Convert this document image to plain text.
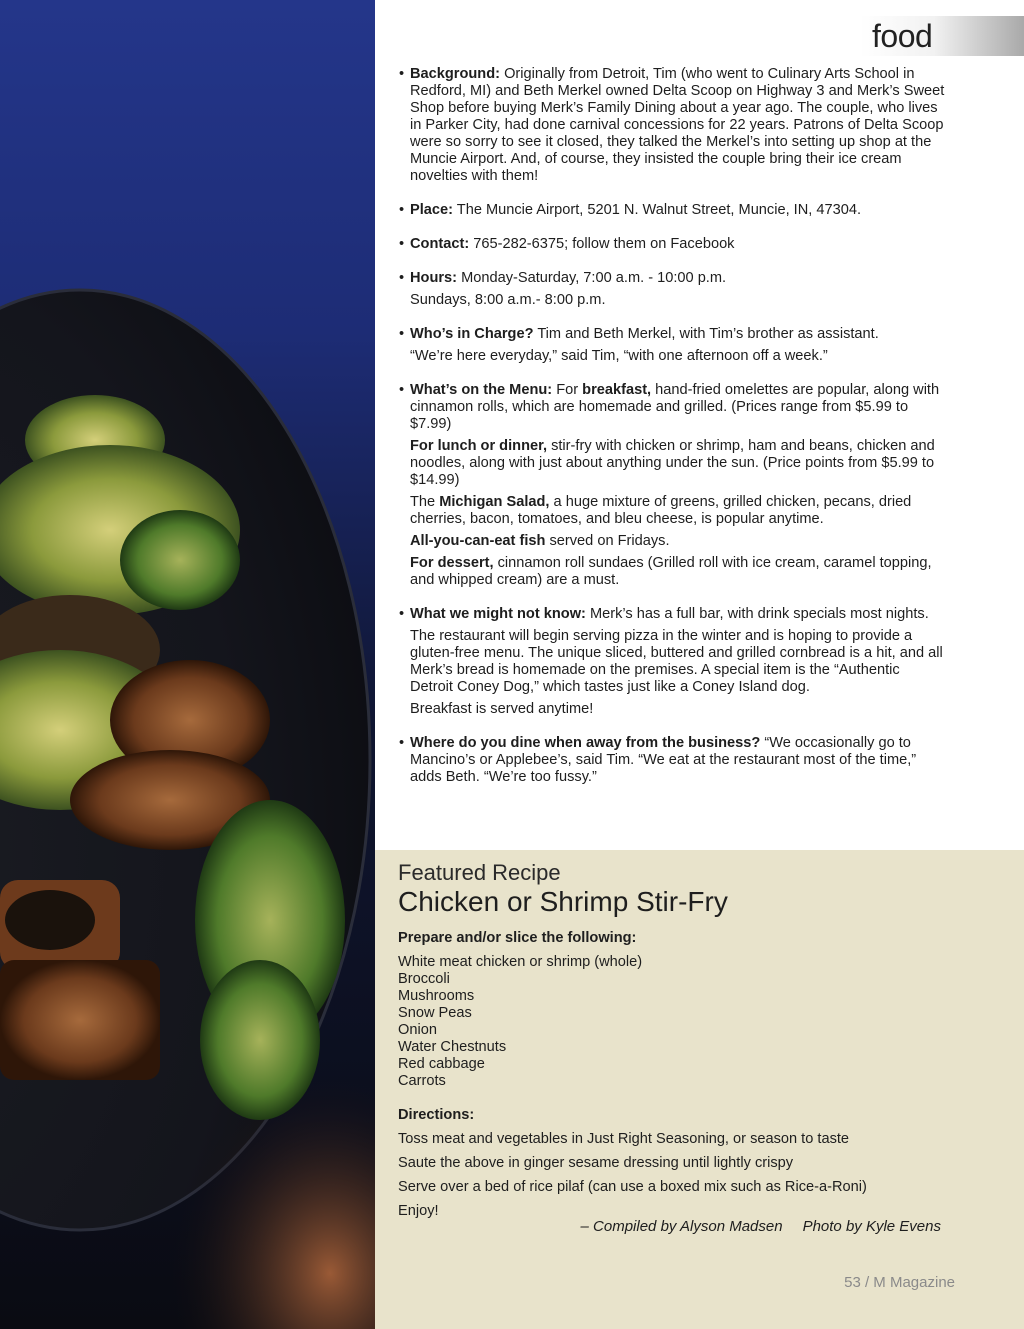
food
• Background: Originally from Detroit, Tim (who went to Culinary Arts School in Redford, MI) and Beth Merkel owned Delta Scoop on Highway 3 and Merk’s Sweet Shop before buying Merk’s Family Dining about a year ago. The couple, who lives in Parker City, had done carnival concessions for 22 years. Patrons of Delta Scoop were so sorry to see it closed, they talked the Merkel’s into setting up shop at the Muncie Airport. And, of course, they insisted the couple bring their ice cream novelties with them!

• Place: The Muncie Airport, 5201 N. Walnut Street, Muncie, IN, 47304.

• Contact: 765-282-6375; follow them on Facebook

• Hours: Monday-Saturday, 7:00 a.m. - 10:00 p.m.

Sundays, 8:00 a.m.- 8:00 p.m.

• Who’s in Charge? Tim and Beth Merkel, with Tim’s brother as assistant.

“We’re here everyday,” said Tim, “with one afternoon off a week.”

• What’s on the Menu: For breakfast, hand-fried omelettes are popular, along with cinnamon rolls, which are homemade and grilled. (Prices range from $5.99 to $7.99)

For lunch or dinner, stir-fry with chicken or shrimp, ham and beans, chicken and noodles, along with just about anything under the sun. (Price points from $5.99 to $14.99)

The Michigan Salad, a huge mixture of greens, grilled chicken, pecans, dried cherries, bacon, tomatoes, and bleu cheese, is popular anytime.

All-you-can-eat fish served on Fridays.

For dessert, cinnamon roll sundaes (Grilled roll with ice cream, caramel topping, and whipped cream) are a must.

• What we might not know: Merk’s has a full bar, with drink specials most nights.

The restaurant will begin serving pizza in the winter and is hoping to provide a gluten-free menu. The unique sliced, buttered and grilled cornbread is a hit, and all Merk’s bread is homemade on the premises. A special item is the “Authentic Detroit Coney Dog,” which tastes just like a Coney Island dog.

Breakfast is served anytime!

• Where do you dine when away from the business? “We occasionally go to Mancino’s or Applebee’s, said Tim. “We eat at the restaurant most of the time,” adds Beth. “We’re too fussy.”

Featured Recipe
Chicken or Shrimp Stir-Fry
Prepare and/or slice the following:
White meat chicken or shrimp (whole)
Broccoli
Mushrooms
Snow Peas
Onion
Water Chestnuts
Red cabbage
Carrots
Directions:
Toss meat and vegetables in Just Right Seasoning, or season to taste
Saute the above in ginger sesame dressing until lightly crispy
Serve over a bed of rice pilaf (can use a boxed mix such as Rice-a-Roni)
Enjoy!
– Compiled by Alyson Madsen Photo by Kyle Evens
53 / M Magazine
